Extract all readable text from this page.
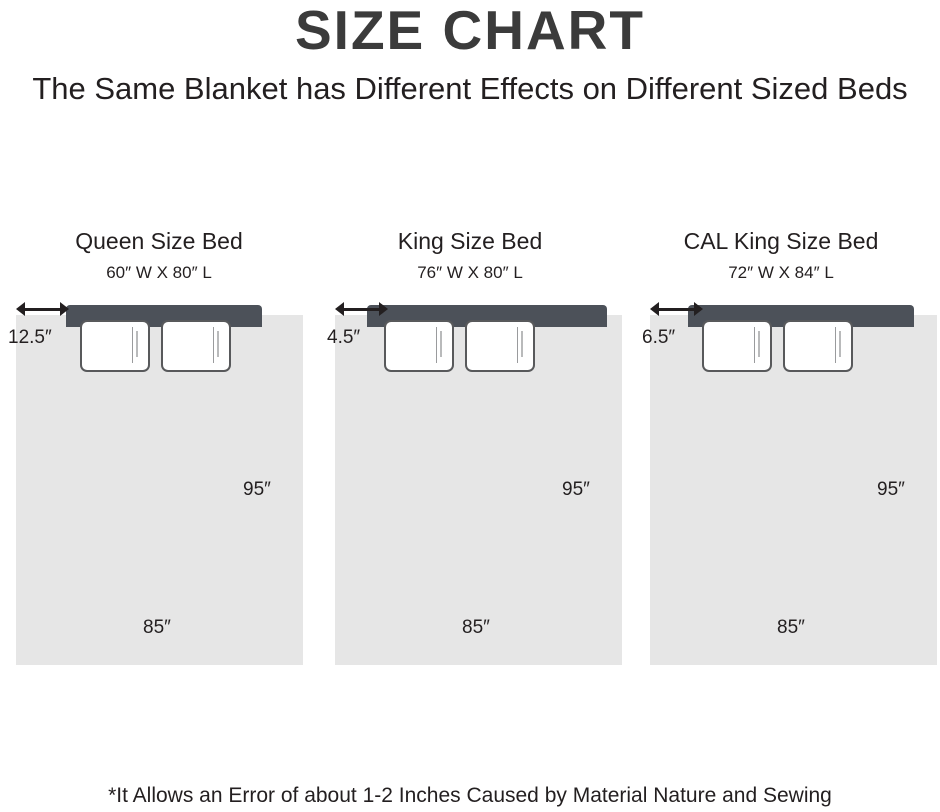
SIZE CHART
The Same Blanket has Different Effects on Different Sized Beds
Queen Size Bed
60″ W X 80″ L
12.5″
95″
85″
King Size Bed
76″ W X 80″ L
4.5″
95″
85″
CAL King Size Bed
72″ W X 84″ L
6.5″
95″
85″
*It Allows an Error of about 1-2 Inches Caused by Material Nature and Sewing
